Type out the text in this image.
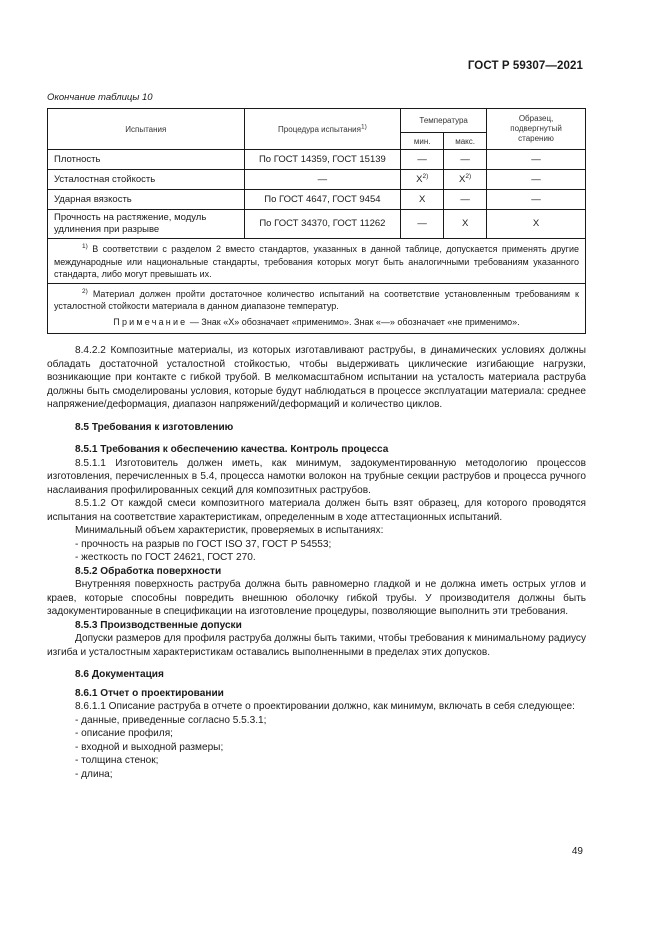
ГОСТ Р 59307—2021
Окончание таблицы 10
Испытания	Процедура испытания$^{1)}$	Температура		Образец, подвергнутый старению
		мин.	макс.	
Плотность	По ГОСТ 14359, ГОСТ 15139	—	—	—
Усталостная стойкость	—	$X^{2)}$	$X^{2)}$	—
Ударная вязкость	По ГОСТ 4647, ГОСТ 9454	X	—	—
Прочность на растяжение, модуль удлинения при разрыве	По ГОСТ 34370, ГОСТ 11262	—	X	X

$^{1)}$ В соответствии с разделом 2 вместо стандартов, указанных в данной таблице, допускается применять другие международные или национальные стандарты, требования которых могут быть аналогичными требованиям указанного стандарта, либо могут превышать их.				

$^{2)}$ Материал должен пройти достаточное количество испытаний на соответствие установленным требованиям к усталостной стойкости материала в данном диапазоне температур.

Примечание — Знак «X» обозначает «применимо». Знак «—» обозначает «не применимо».				

8.4.2.2 Композитные материалы, из которых изготавливают раструбы, в динамических условиях должны обладать достаточной усталостной стойкостью, чтобы выдерживать циклические изгибающие нагрузки, возникающие при контакте с гибкой трубой. В мелкомасштабном испытании на усталость материала раструба должны быть смоделированы условия, которые будут наблюдаться в процессе эксплуатации материала: среднее напряжение/деформация, диапазон напряжений/деформаций и количество циклов.

8.5 Требования к изготовлению

8.5.1 Требования к обеспечению качества. Контроль процесса

8.5.1.1 Изготовитель должен иметь, как минимум, задокументированную методологию процессов изготовления, перечисленных в 5.4, процесса намотки волокон на трубные секции раструбов и процесса ручного наслаивания профилированных секций для композитных раструбов.

8.5.1.2 От каждой смеси композитного материала должен быть взят образец, для которого проводятся испытания на соответствие характеристикам, определенным в ходе аттестационных испытаний.

Минимальный объем характеристик, проверяемых в испытаниях:

- прочность на разрыв по ГОСТ ISO 37, ГОСТ Р 54553;

- жесткость по ГОСТ 24621, ГОСТ 270.

8.5.2 Обработка поверхности

Внутренняя поверхность раструба должна быть равномерно гладкой и не должна иметь острых углов и краев, которые способны повредить внешнюю оболочку гибкой трубы. У производителя должны быть задокументированные в спецификации на изготовление процедуры, позволяющие выполнить эти требования.

8.5.3 Производственные допуски

Допуски размеров для профиля раструба должны быть такими, чтобы требования к минимальному радиусу изгиба и усталостным характеристикам оставались выполненными в пределах этих допусков.

8.6 Документация

8.6.1 Отчет о проектировании

8.6.1.1 Описание раструба в отчете о проектировании должно, как минимум, включать в себя следующее:

- данные, приведенные согласно 5.5.3.1;

- описание профиля;

- входной и выходной размеры;

- толщина стенок;

- длина;

49
